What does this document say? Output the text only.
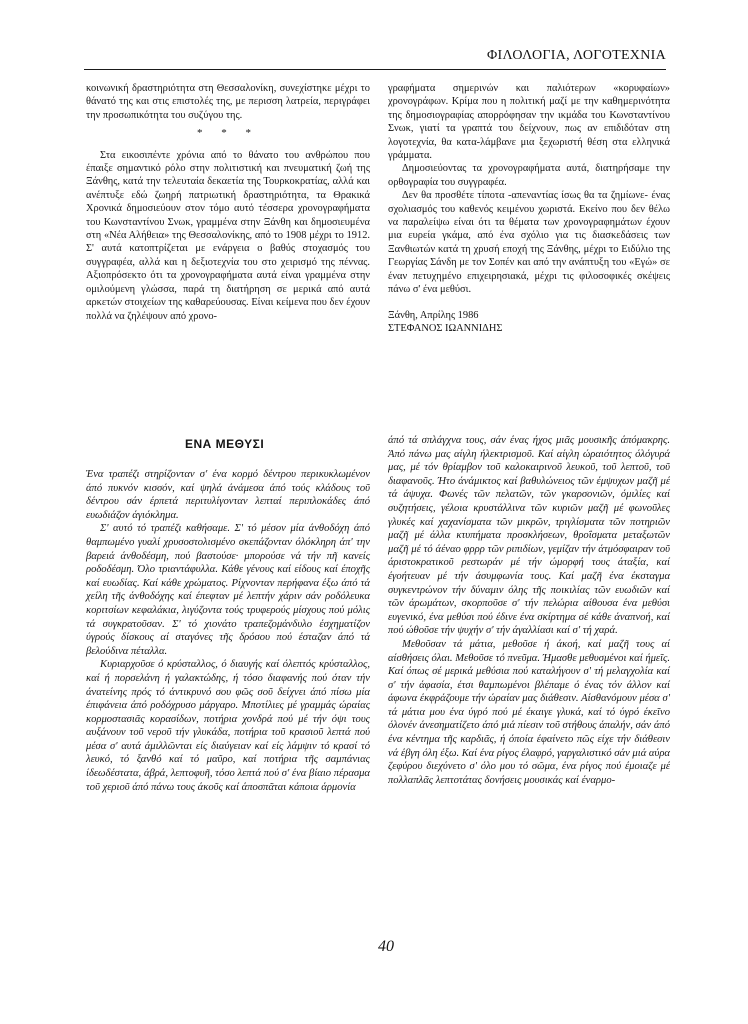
ΦΙΛΟΛΟΓΙΑ, ΛΟΓΟΤΕΧΝΙΑ

κοινωνική δραστηριότητα στη Θεσσαλονίκη, συνεχίστηκε μέχρι το θάνατό της και στις επιστολές της, με περισση λατρεία, περιγράφει την προσωπικότητα του συζύγου της.

* * *

Στα εικοσιπέντε χρόνια από το θάνατο του ανθρώπου που έπαιξε σημαντικό ρόλο στην πολιτιστική και πνευματική ζωή της Ξάνθης, κατά την τελευταία δεκαετία της Τουρκοκρατίας, αλλά και ανέπτυξε εδώ ζωηρή πατριωτική δραστηριότητα, τα Θρακικά Χρονικά δημοσιεύουν στον τόμο αυτό τέσσερα χρονογραφήματα του Κωνσταντίνου Σνωκ, γραμμένα στην Ξάνθη και δημοσιευμένα στη «Νέα Αλήθεια» της Θεσσαλονίκης, από το 1908 μέχρι το 1912. Σ' αυτά κατοπτρίζεται με ενάργεια ο βαθύς στοχασμός του συγγραφέα, αλλά και η δεξιοτεχνία του στο χειρισμό της πέννας. Αξιοπρόσεκτο ότι τα χρονογραφήματα αυτά είναι γραμμένα στην ομιλούμενη γλώσσα, παρά τη διατήρηση σε μερικά από αυτά αρκετών στοιχείων της καθαρεύουσας. Είναι κείμενα που δεν έχουν πολλά να ζηλέψουν από χρονο-

γραφήματα σημερινών και παλιότερων «κορυφαίων» χρονογράφων. Κρίμα που η πολιτική μαζί με την καθημερινότητα της δημοσιογραφίας απορρόφησαν την ικμάδα του Κωνσταντίνου Σνωκ, γιατί τα γραπτά του δείχνουν, πως αν επιδιδόταν στη λογοτεχνία, θα κατα-λάμβανε μια ξεχωριστή θέση στα ελληνικά γράμματα.

Δημοσιεύοντας τα χρονογραφήματα αυτά, διατηρήσαμε την ορθογραφία του συγγραφέα.

Δεν θα προσθέτε τίποτα -απεναντίας ίσως θα τα ζημίωνε- ένας σχολιασμός του καθενός κειμένου χωριστά. Εκείνο που δεν θέλω να παραλείψω είναι ότι τα θέματα των χρονογραφημάτων έχουν μια ευρεία γκάμα, από ένα σχόλιο για τις διασκεδάσεις των Ξανθιωτών κατά τη χρυσή εποχή της Ξάνθης, μέχρι το Ειδύλιο της Γεωργίας Σάνδη με τον Σοπέν και από την ανάπτυξη του «Εγώ» σε έναν πετυχημένο επιχειρησιακά, μέχρι τις φιλοσοφικές σκέψεις πάνω σ' ένα μεθύσι.

Ξάνθη, Απρίλης 1986
ΣΤΕΦΑΝΟΣ ΙΩΑΝΝΙΔΗΣ
ΕΝΑ ΜΕΘΥΣΙ

Ένα τραπέζι στηρίζονταν σ' ένα κορμό δέντρου περικυκλωμένον άπό πυκνόν κισσόν, καί ψηλά άνάμεσα άπό τούς κλάδους τοῦ δέντρου σάν έρπετά περιτυλίγονταν λεπταί περιπλοκάδες άπό ευωδιάζον άγιόκλημα.

Σ' αυτό τό τραπέζι καθήσαμε. Σ' τό μέσον μία άνθοδόχη άπό θαμπωμένο γυαλί χρυσοστολισμένο σκεπάζονταν όλόκληρη άπ' την βαρειά άνθοδέσμη, πού βαστούσε· μπορούσε νά τήν πῆ κανείς ροδοδέσμη. Όλο τριαντάφυλλα. Κάθε γένους καί είδους καί έποχῆς καί ευωδίας. Καί κάθε χρώματος. Ρίχνονταν περήφανα έξω άπό τά χείλη τῆς άνθοδόχης καί έπεφταν μέ λεπτήν χάριν σάν ροδόλευκα κοριτσίων κεφαλάκια, λιγύζοντα τούς τρυφερούς μίσχους πού μόλις τά συγκρατοῦσαν. Σ' τό χιονάτο τραπεζομάνδυλο έσχηματίζον ύγρούς δίσκους αί σταγόνες τῆς δρόσου πού έσταζαν άπό τά βελούδινα πέταλλα.

Κυριαρχοῦσε ό κρύσταλλος, ό διαυγής καί όλεπτός κρύσταλλος, καί ή πορσελάνη ή γαλακτώδης, ή τόσο διαφανής πού όταν τήν άνατείνης πρός τό άντικρυνό σου φῶς σοῦ δείχνει άπό πίσω μία έπιφάνεια άπό ροδόχρυσο μάργαρο. Μποτίλιες μέ γραμμάς ώραίας κορμοστασιᾶς κορασίδων, ποτήρια χονδρά πού μέ τήν όψι τους αυξάνουν τοῦ νεροῦ τήν γλυκάδα, ποτήρια τοῦ κρασιοῦ λεπτά πού μέσα σ' αυτά άμιλλῶνται είς διαύγειαν καί είς λάμψιν τό κρασί τό λευκό, τό ξανθό καί τό μαῦρο, καί ποτήρια τῆς σαμπάνιας ίδεωδέστατα, άβρά, λεπτοφυῆ, τόσο λεπτά πού σ' ένα βίαιο πέρασμα τοῦ χεριοῦ άπό πάνω τους άκοῦς καί άποσπᾶται κάποια άρμονία

άπό τά σπλάγχνα τους, σάν ένας ήχος μιᾶς μουσικῆς άπόμακρης. Άπό πάνω μας αίγλη ήλεκτρισμοῦ. Καί αίγλη ώραιότητος όλόγυρά μας, μέ τόν θρίαμβον τοῦ καλοκαιρινοῦ λευκοῦ, τοῦ λεπτοῦ, τοῦ διαφανοῦς. Ήτο άνάμικτος καί βαθυλώνειος τῶν έμψυχων μαζῆ μέ τά άψυχα. Φωνές τῶν πελατῶν, τῶν γκαρσονιῶν, όμιλίες καί συζητήσεις, γέλοια κρυστάλλινα τῶν κυριῶν μαζῆ μέ φωνοῦλες γλυκές καί χαχανίσματα τῶν μικρῶν, τριγλίσματα τῶν ποτηριῶν μαζῆ μέ άλλα κτυπήματα προσκλήσεων, θροΐσματα μεταξωτῶν μαζῆ μέ τό άέναο φρρρ τῶν ριπιδίων, γεμίζαν τήν άτμόσφαιραν τοῦ άριστοκρατικοῦ ρεστωράν μέ τήν ώμορφή τους άταξία, καί έγοήτευαν μέ τήν άσυμφωνία τους. Καί μαζῆ ένα έκσταγμα συγκεντρώνον τήν δύναμιν όλης τῆς ποικιλίας τῶν ευωδιῶν καί τῶν άρωμάτων, σκορποῦσε σ' τήν πελώρια αίθουσα ένα μεθύσι ευγενικό, ένα μεθύσι πού έδινε ένα σκίρτημα σέ κάθε άναπνοή, καί πού ώθοῦσε τήν ψυχήν σ' τήν άγαλλίασι καί σ' τή χαρά.

Μεθοῦσαν τά μάτια, μεθοῦσε ή άκοή, καί μαζῆ τους αί αίσθήσεις όλαι. Μεθοῦσε τό πνεῦμα. Ήμασθε μεθυσμένοι καί ήμεῖς. Καί όπως σέ μερικά μεθύσια πού καταλήγουν σ' τή μελαγχολία καί σ' τήν άφασία, έτσι θαμπωμένοι βλέπαμε ό ένας τόν άλλον καί άφωνα έκφράζουμε τήν ώραίαν μας διάθεσιν. Αίσθανόμουν μέσα σ' τά μάτια μου ένα ύγρό πού μέ έκαιγε γλυκά, καί τό ύγρό έκεῖνο όλονέν άνεσηματίζετο άπό μιά πίεσιν τοῦ στήθους άπαλήν, σάν άπό ένα κέντημα τῆς καρδιᾶς, ή όποία έφαίνετο πῶς είχε τήν διάθεσιν νά έβγη όλη έξω. Καί ένα ρίγος έλαφρό, γαργαλιστικό σάν μιά αύρα ζεφύρου διεχύνετο σ' όλο μου τό σῶμα, ένα ρίγος πού έμοιαζε μέ πολλαπλᾶς λεπτοτάτας δονήσεις μουσικάς καί έναρμο-

40
